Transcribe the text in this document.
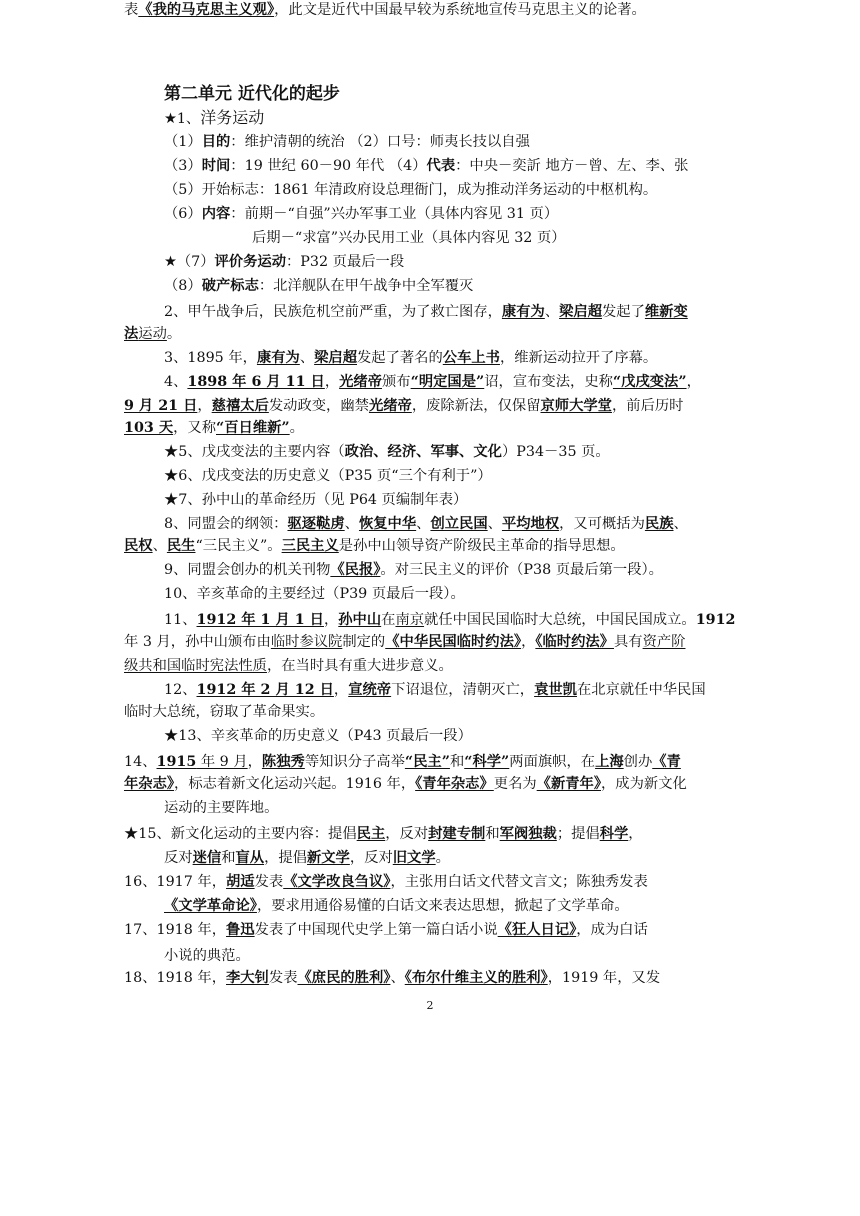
第二单元 近代化的起步
★1、洋务运动
（1）目的：维护清朝的统治 （2）口号：师夷长技以自强
（3）时间：19 世纪 60－90 年代 （4）代表：中央－奕訢 地方－曾、左、李、张
（5）开始标志：1861 年清政府设总理衙门，成为推动洋务运动的中枢机构。
（6）内容：前期－“自强”兴办军事工业（具体内容见 31 页）
后期－“求富”兴办民用工业（具体内容见 32 页）
★（7）评价务运动：P32 页最后一段
（8）破产标志：北洋舰队在甲午战争中全军覆灭
2、甲午战争后，民族危机空前严重，为了救亡图存，康有为、梁启超发起了维新变
法运动。
3、1895 年，康有为、梁启超发起了著名的公车上书，维新运动拉开了序幕。
4、1898 年 6 月 11 日，光绪帝颁布“明定国是”诏，宣布变法，史称“戊戌变法”，
9 月 21 日，慈禧太后发动政变，幽禁光绪帝，废除新法，仅保留京师大学堂，前后历时
103 天，又称“百日维新”。
★5、戊戌变法的主要内容（政治、经济、军事、文化）P34－35 页。
★6、戊戌变法的历史意义（P35 页“三个有利于”）
★7、孙中山的革命经历（见 P64 页编制年表）
8、同盟会的纲领：驱逐鞑虏、恢复中华、创立民国、平均地权，又可概括为民族、
民权、民生“三民主义”。三民主义是孙中山领导资产阶级民主革命的指导思想。
9、同盟会创办的机关刊物《民报》。对三民主义的评价（P38 页最后第一段）。
10、辛亥革命的主要经过（P39 页最后一段）。
11、1912 年 1 月 1 日，孙中山在南京就任中国民国临时大总统，中国民国成立。1912
年 3 月，孙中山颁布由临时参议院制定的《中华民国临时约法》，《临时约法》具有资产阶
级共和国临时宪法性质，在当时具有重大进步意义。
12、1912 年 2 月 12 日，宣统帝下诏退位，清朝灭亡，袁世凯在北京就任中华民国
临时大总统，窃取了革命果实。
★13、辛亥革命的历史意义（P43 页最后一段）
14、1915 年 9 月，陈独秀等知识分子高举“民主”和“科学”两面旗帜，在上海创办《青
年杂志》，标志着新文化运动兴起。1916 年，《青年杂志》更名为《新青年》，成为新文化
运动的主要阵地。
★15、新文化运动的主要内容：提倡民主，反对封建专制和军阀独裁；提倡科学，
反对迷信和盲从，提倡新文学，反对旧文学。
16、1917 年，胡适发表《文学改良刍议》，主张用白话文代替文言文；陈独秀发表
《文学革命论》，要求用通俗易懂的白话文来表达思想，掀起了文学革命。
17、1918 年，鲁迅发表了中国现代史学上第一篇白话小说《狂人日记》，成为白话
小说的典范。
18、1918 年，李大钊发表《庶民的胜利》、《布尔什维主义的胜利》，1919 年，又发
表《我的马克思主义观》，此文是近代中国最早较为系统地宣传马克思主义的论著。
2
